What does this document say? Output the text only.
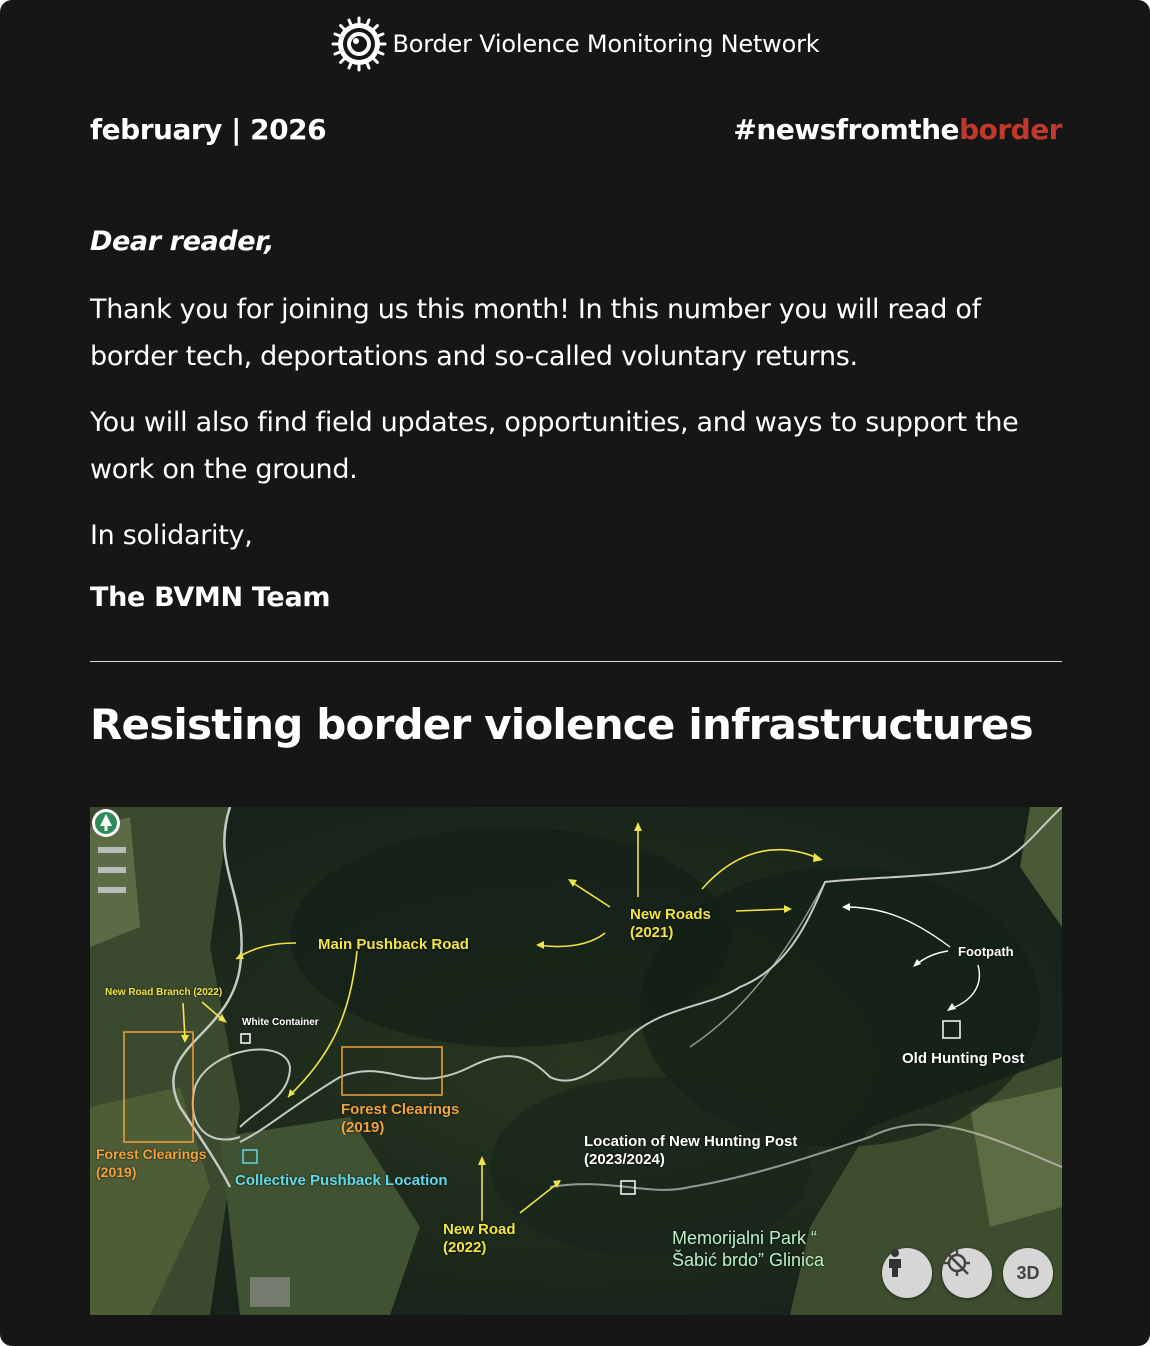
Border Violence Monitoring Network
february | 2026	#newsfromtheborder
Dear reader,
Thank you for joining us this month! In this number you will read of border tech, deportations and so-called voluntary returns.
You will also find field updates, opportunities, and ways to support the work on the ground.
In solidarity,
The BVMN Team
Resisting border violence infrastructures
Main Pushback Road
New Roads
(2021)
Footpath
New Road Branch (2022)
White Container
Old Hunting Post
Forest Clearings
(2019)
Forest Clearings
(2019)	Collective Pushback Location
Location of New Hunting Post
(2023/2024)
New Road
(2022)	Memorijalni Park “
Šabić brdo” Glinica
3D
